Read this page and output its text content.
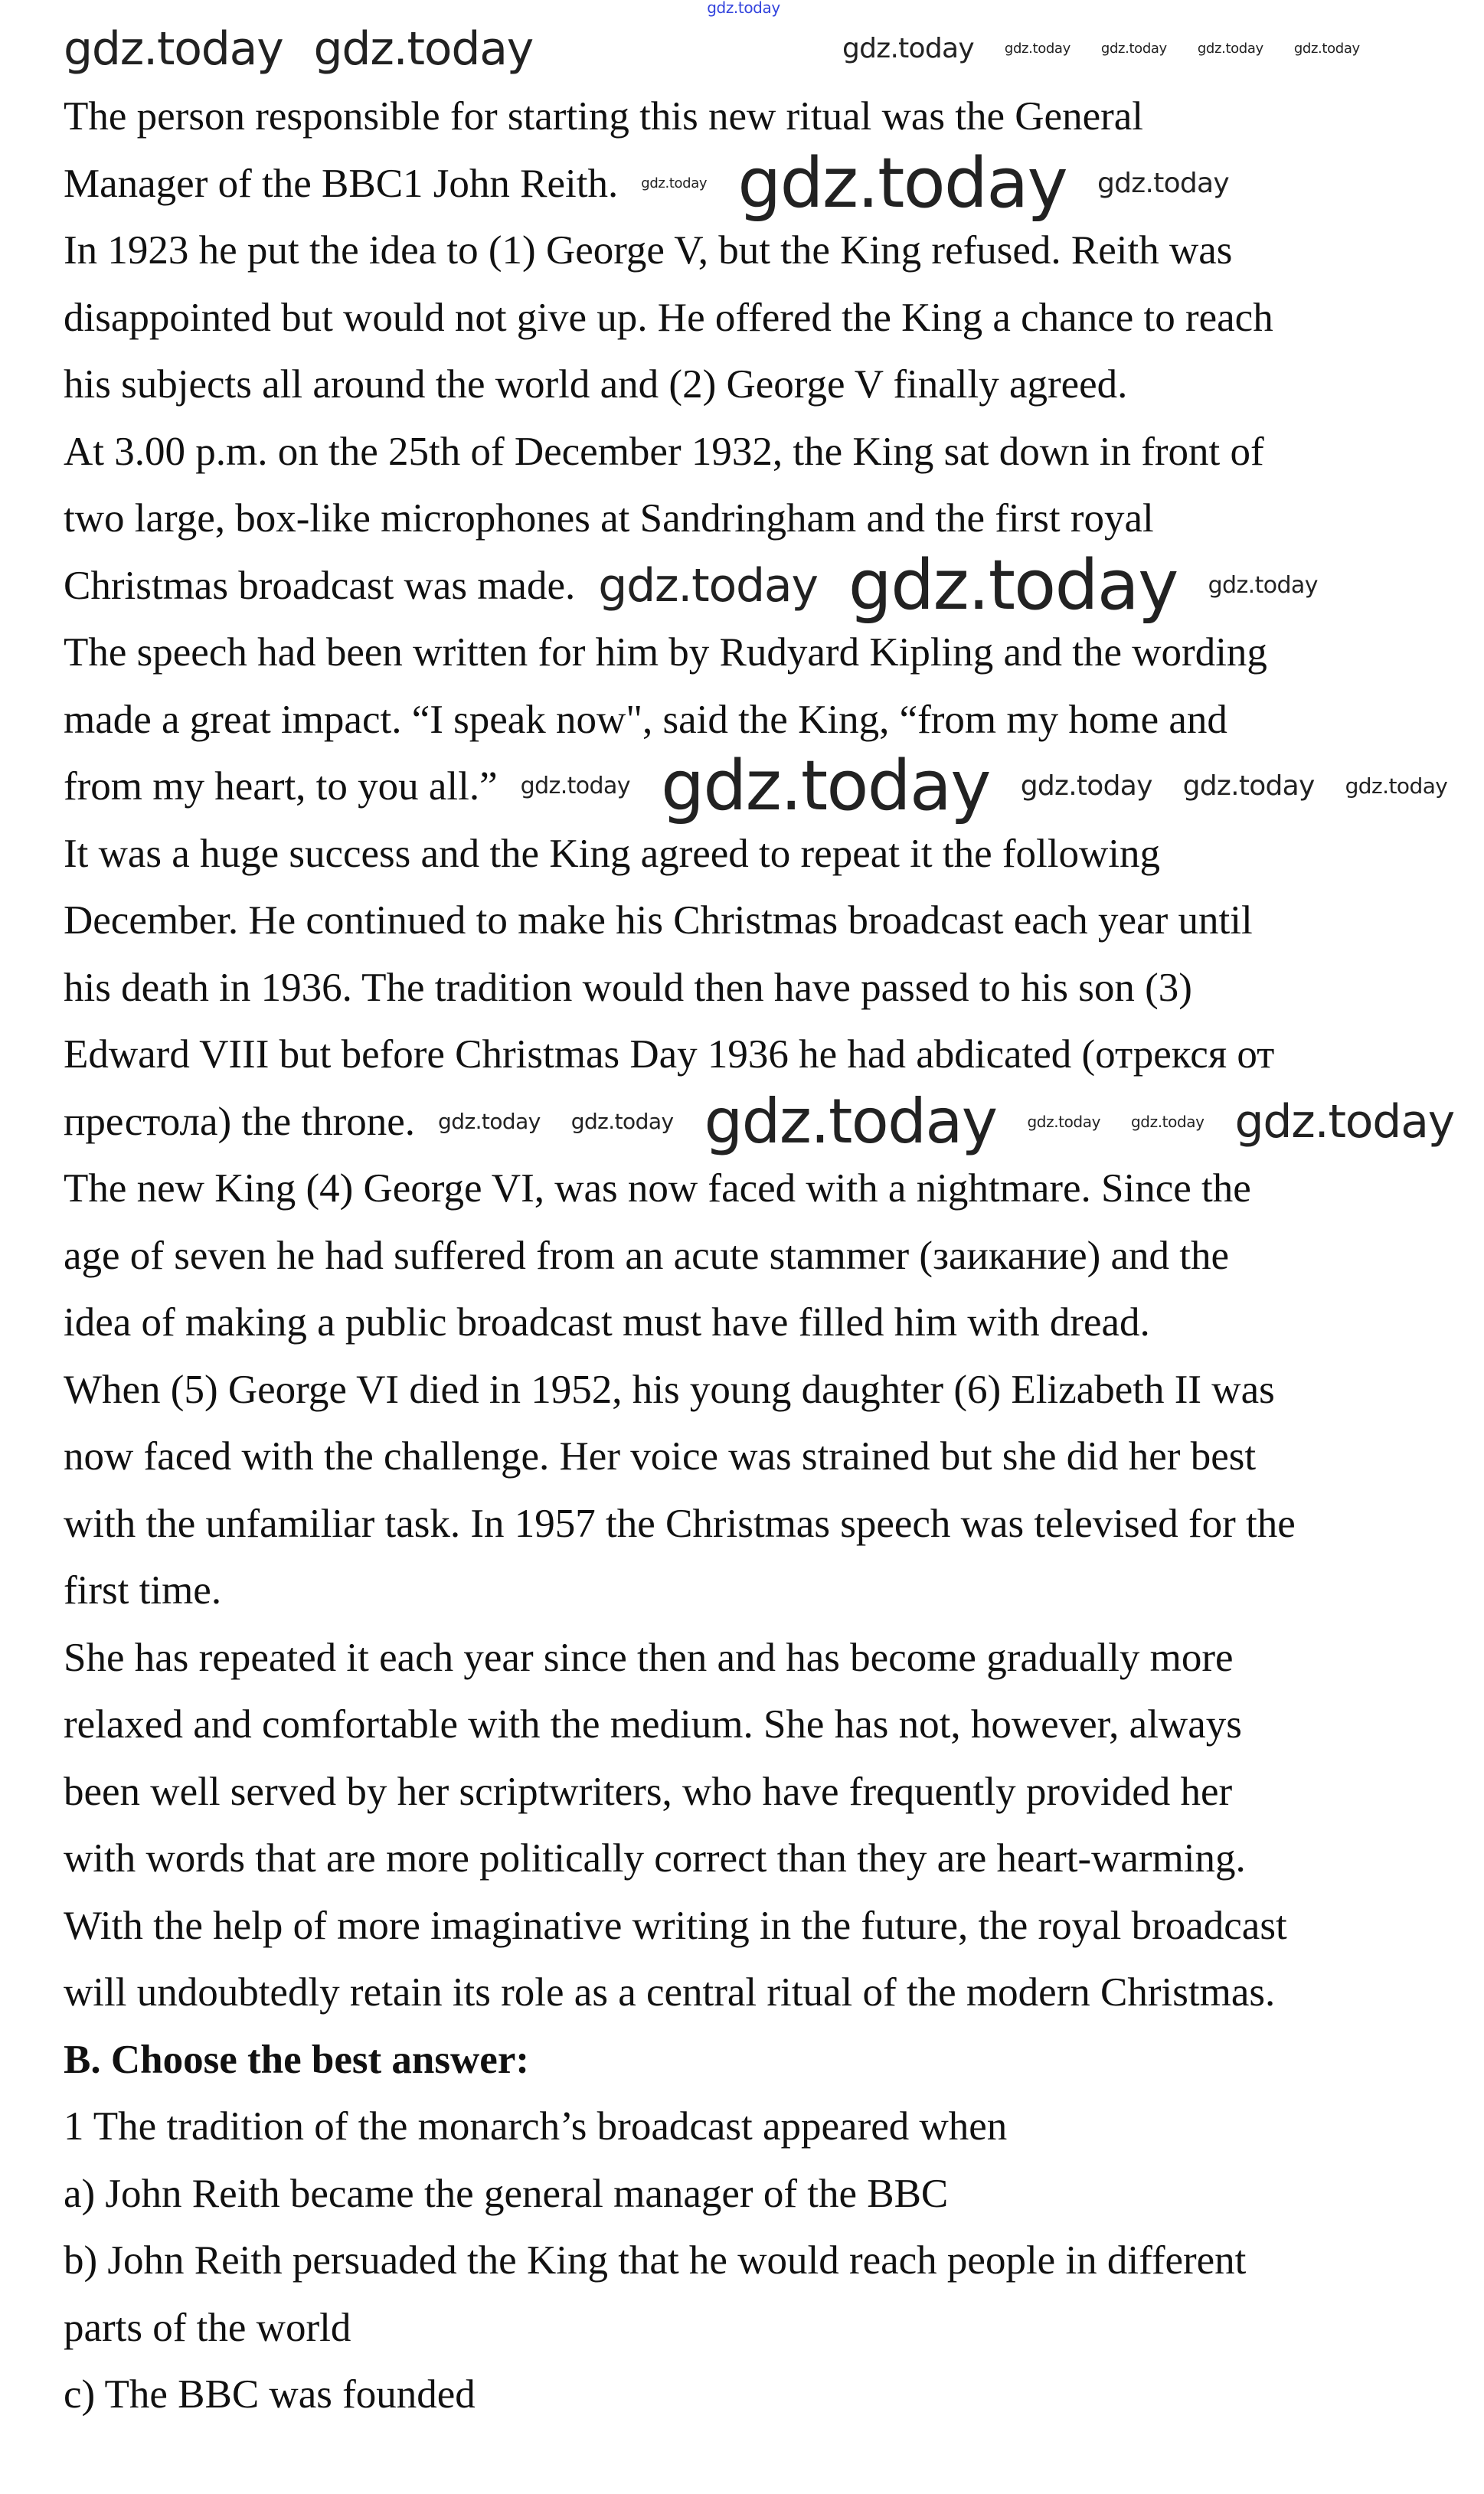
The person responsible for starting this new ritual was the General
Manager of the BBC1 John Reith.
In 1923 he put the idea to (1) George V, but the King refused. Reith was
disappointed but would not give up. He offered the King a chance to reach
his subjects all around the world and (2) George V finally agreed.
At 3.00 p.m. on the 25th of December 1932, the King sat down in front of
two large, box-like microphones at Sandringham and the first royal
Christmas broadcast was made.
The speech had been written for him by Rudyard Kipling and the wording
made a great impact. “I speak now", said the King, “from my home and
from my heart, to you all.”
It was a huge success and the King agreed to repeat it the following
December. He continued to make his Christmas broadcast each year until
his death in 1936. The tradition would then have passed to his son (3)
Edward VIII but before Christmas Day 1936 he had abdicated (отрекся от
престола) the throne.
The new King (4) George VI, was now faced with a nightmare. Since the
age of seven he had suffered from an acute stammer (заикание) and the
idea of making a public broadcast must have filled him with dread.
When (5) George VI died in 1952, his young daughter (6) Elizabeth II was
now faced with the challenge. Her voice was strained but she did her best
with the unfamiliar task. In 1957 the Christmas speech was televised for the
first time.
She has repeated it each year since then and has become gradually more
relaxed and comfortable with the medium. She has not, however, always
been well served by her scriptwriters, who have frequently provided her
with words that are more politically correct than they are heart-warming.
With the help of more imaginative writing in the future, the royal broadcast
will undoubtedly retain its role as a central ritual of the modern Christmas.
B. Choose the best answer:
1 The tradition of the monarch’s broadcast appeared when
a) John Reith became the general manager of the BBC
b) John Reith persuaded the King that he would reach people in different
parts of the world
c) The BBC was founded
gdz.today
gdz.today gdz.today	gdz.today gdz.today gdz.today gdz.today gdz.today
gdz.today gdz.today gdz.today
gdz.today gdz.today gdz.today
gdz.today gdz.today gdz.today gdz.today gdz.today
gdz.today gdz.today gdz.today gdz.today gdz.today gdz.today
